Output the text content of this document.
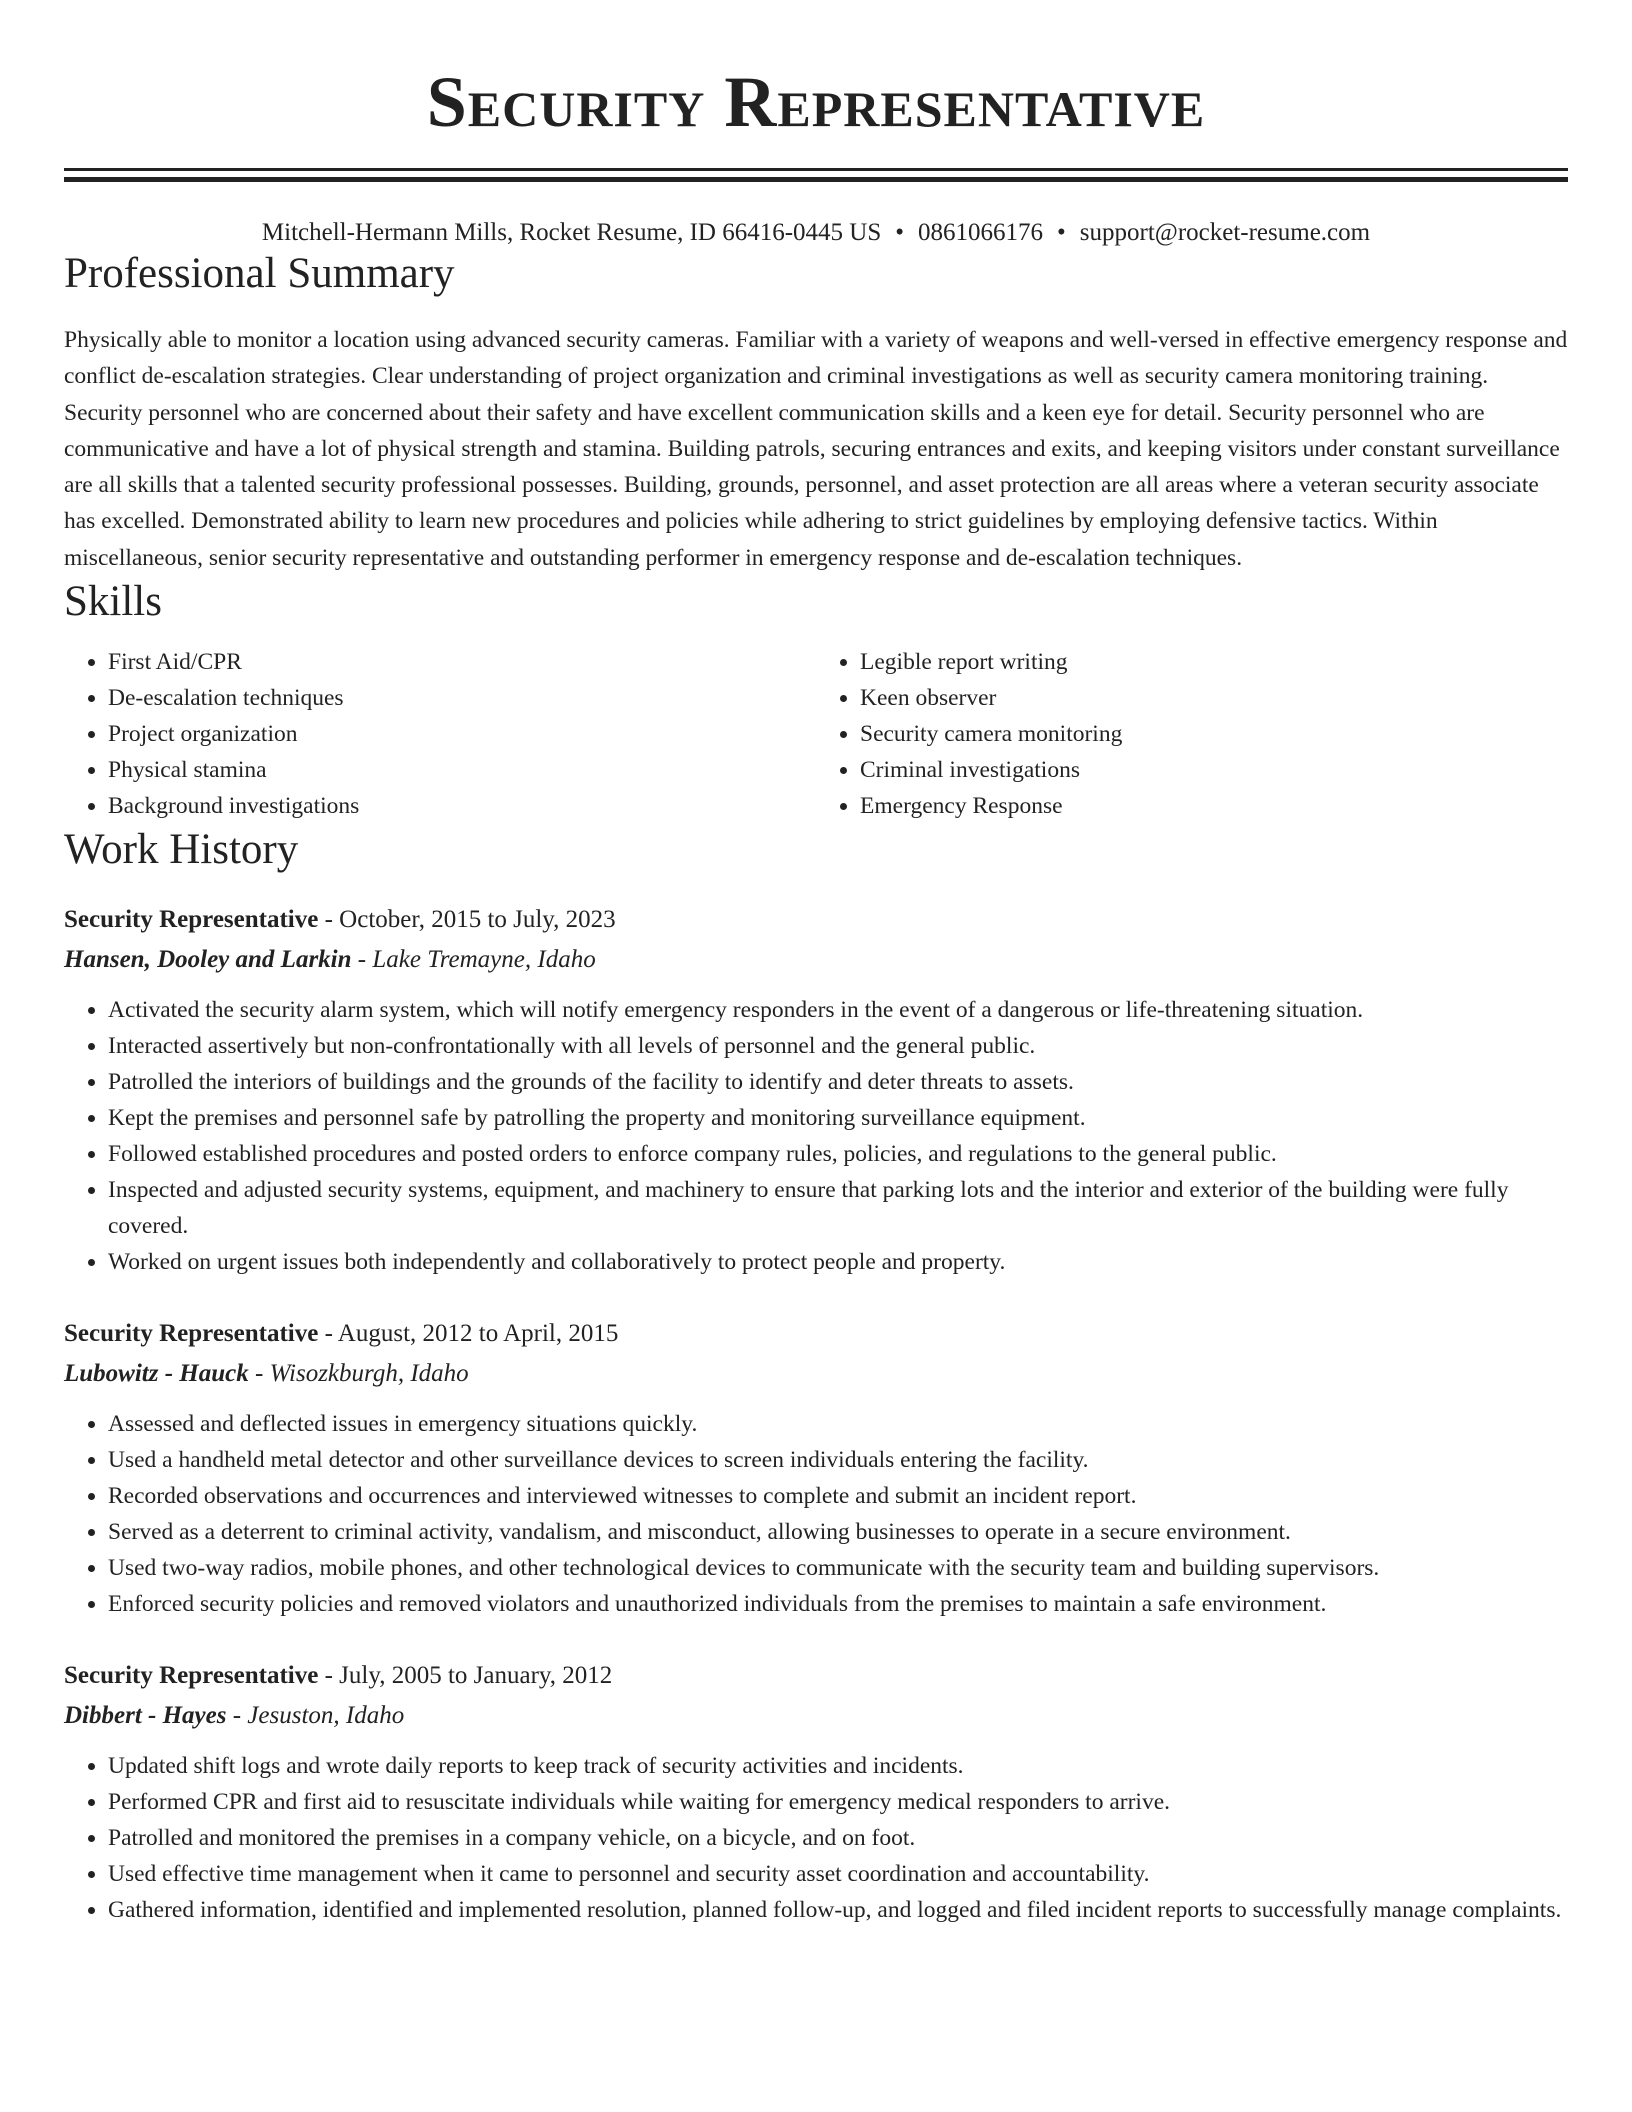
Security Representative
Mitchell-Hermann Mills, Rocket Resume, ID 66416-0445 US • 0861066176 • support@rocket-resume.com
Professional Summary

Physically able to monitor a location using advanced security cameras. Familiar with a variety of weapons and well-versed in effective emergency response and conflict de-escalation strategies. Clear understanding of project organization and criminal investigations as well as security camera monitoring training. Security personnel who are concerned about their safety and have excellent communication skills and a keen eye for detail. Security personnel who are communicative and have a lot of physical strength and stamina. Building patrols, securing entrances and exits, and keeping visitors under constant surveillance are all skills that a talented security professional possesses. Building, grounds, personnel, and asset protection are all areas where a veteran security associate has excelled. Demonstrated ability to learn new procedures and policies while adhering to strict guidelines by employing defensive tactics. Within miscellaneous, senior security representative and outstanding performer in emergency response and de-escalation techniques.

Skills
• First Aid/CPR
• De-escalation techniques
• Project organization
• Physical stamina
• Background investigations
• Legible report writing
• Keen observer
• Security camera monitoring
• Criminal investigations
• Emergency Response
Work History
Security Representative - October, 2015 to July, 2023
Hansen, Dooley and Larkin - Lake Tremayne, Idaho
• Activated the security alarm system, which will notify emergency responders in the event of a dangerous or life-threatening situation.
• Interacted assertively but non-confrontationally with all levels of personnel and the general public.
• Patrolled the interiors of buildings and the grounds of the facility to identify and deter threats to assets.
• Kept the premises and personnel safe by patrolling the property and monitoring surveillance equipment.
• Followed established procedures and posted orders to enforce company rules, policies, and regulations to the general public.
• Inspected and adjusted security systems, equipment, and machinery to ensure that parking lots and the interior and exterior of the building were fully covered.
• Worked on urgent issues both independently and collaboratively to protect people and property.
Security Representative - August, 2012 to April, 2015
Lubowitz - Hauck - Wisozkburgh, Idaho
• Assessed and deflected issues in emergency situations quickly.
• Used a handheld metal detector and other surveillance devices to screen individuals entering the facility.
• Recorded observations and occurrences and interviewed witnesses to complete and submit an incident report.
• Served as a deterrent to criminal activity, vandalism, and misconduct, allowing businesses to operate in a secure environment.
• Used two-way radios, mobile phones, and other technological devices to communicate with the security team and building supervisors.
• Enforced security policies and removed violators and unauthorized individuals from the premises to maintain a safe environment.
Security Representative - July, 2005 to January, 2012
Dibbert - Hayes - Jesuston, Idaho
• Updated shift logs and wrote daily reports to keep track of security activities and incidents.
• Performed CPR and first aid to resuscitate individuals while waiting for emergency medical responders to arrive.
• Patrolled and monitored the premises in a company vehicle, on a bicycle, and on foot.
• Used effective time management when it came to personnel and security asset coordination and accountability.
• Gathered information, identified and implemented resolution, planned follow-up, and logged and filed incident reports to successfully manage complaints.
